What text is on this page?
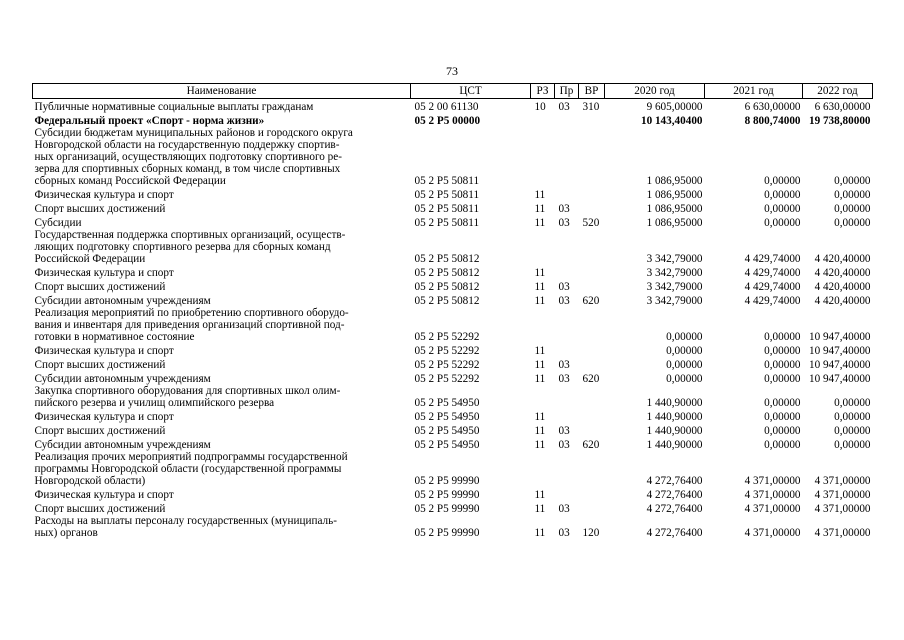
73
Наименование	ЦСТ	РЗ	Пр	ВР	2020 год	2021 год	2022 год

Публичные нормативные социальные выплаты гражданам	05 2 00 61130	10	03	310	9 605,00000	6 630,00000	6 630,00000

Федеральный проект «Спорт - норма жизни»	05 2 P5 00000				10 143,40400	8 800,74000	19 738,80000

Субсидии бюджетам муниципальных районов и городского округа
Новгородской области на государственную поддержку спортив-
ных организаций, осуществляющих подготовку спортивного ре-
зерва для спортивных сборных команд, в том числе спортивных
сборных команд Российской Федерации	05 2 P5 50811				1 086,95000	0,00000	0,00000

Физическая культура и спорт	05 2 P5 50811	11			1 086,95000	0,00000	0,00000

Спорт высших достижений	05 2 P5 50811	11	03		1 086,95000	0,00000	0,00000

Субсидии	05 2 P5 50811	11	03	520	1 086,95000	0,00000	0,00000

Государственная поддержка спортивных организаций, осуществ-
ляющих подготовку спортивного резерва для сборных команд
Российской Федерации	05 2 P5 50812				3 342,79000	4 429,74000	4 420,40000

Физическая культура и спорт	05 2 P5 50812	11			3 342,79000	4 429,74000	4 420,40000

Спорт высших достижений	05 2 P5 50812	11	03		3 342,79000	4 429,74000	4 420,40000

Субсидии автономным учреждениям	05 2 P5 50812	11	03	620	3 342,79000	4 429,74000	4 420,40000

Реализация мероприятий по приобретению спортивного оборудо-
вания и инвентаря для приведения организаций спортивной под-
готовки в нормативное состояние	05 2 P5 52292				0,00000	0,00000	10 947,40000

Физическая культура и спорт	05 2 P5 52292	11			0,00000	0,00000	10 947,40000

Спорт высших достижений	05 2 P5 52292	11	03		0,00000	0,00000	10 947,40000

Субсидии автономным учреждениям	05 2 P5 52292	11	03	620	0,00000	0,00000	10 947,40000

Закупка спортивного оборудования для спортивных школ олим-
пийского резерва и училищ олимпийского резерва	05 2 P5 54950				1 440,90000	0,00000	0,00000

Физическая культура и спорт	05 2 P5 54950	11			1 440,90000	0,00000	0,00000

Спорт высших достижений	05 2 P5 54950	11	03		1 440,90000	0,00000	0,00000

Субсидии автономным учреждениям	05 2 P5 54950	11	03	620	1 440,90000	0,00000	0,00000

Реализация прочих мероприятий подпрограммы государственной
программы Новгородской области (государственной программы
Новгородской области)	05 2 P5 99990				4 272,76400	4 371,00000	4 371,00000

Физическая культура и спорт	05 2 P5 99990	11			4 272,76400	4 371,00000	4 371,00000

Спорт высших достижений	05 2 P5 99990	11	03		4 272,76400	4 371,00000	4 371,00000

Расходы на выплаты персоналу государственных (муниципаль-
ных) органов	05 2 P5 99990	11	03	120	4 272,76400	4 371,00000	4 371,00000
